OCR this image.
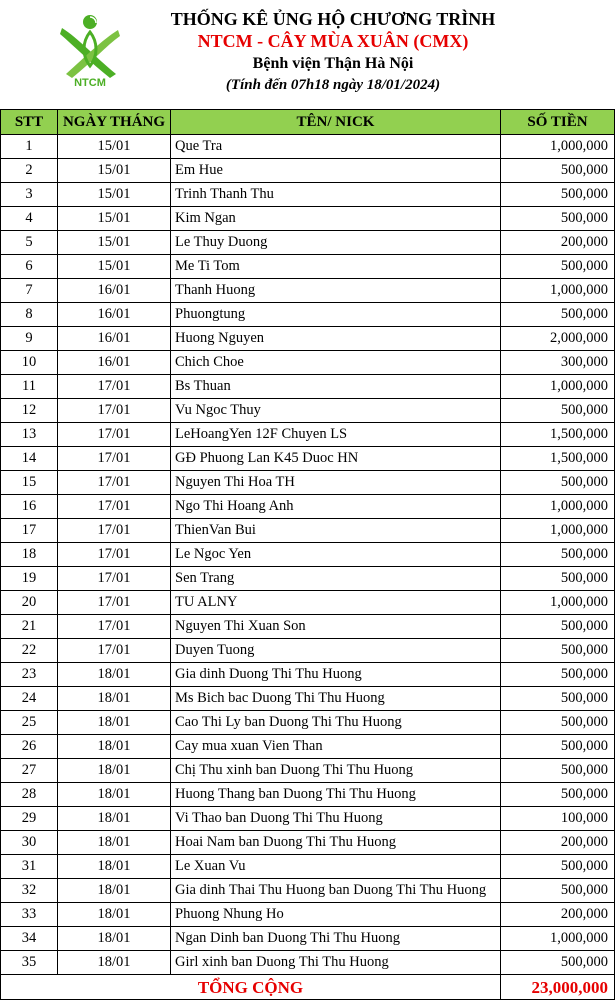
NTCM
THỐNG KÊ ỦNG HỘ CHƯƠNG TRÌNH
NTCM - CÂY MÙA XUÂN (CMX)
Bệnh viện Thận Hà Nội
(Tính đến 07h18 ngày 18/01/2024)
STT	NGÀY THÁNG	TÊN/ NICK	SỐ TIỀN
1	15/01	Que Tra	1,000,000
2	15/01	Em Hue	500,000
3	15/01	Trinh Thanh Thu	500,000
4	15/01	Kim Ngan	500,000
5	15/01	Le Thuy Duong	200,000
6	15/01	Me Ti Tom	500,000
7	16/01	Thanh Huong	1,000,000
8	16/01	Phuongtung	500,000
9	16/01	Huong Nguyen	2,000,000
10	16/01	Chich Choe	300,000
11	17/01	Bs Thuan	1,000,000
12	17/01	Vu Ngoc Thuy	500,000
13	17/01	LeHoangYen 12F Chuyen LS	1,500,000
14	17/01	GĐ Phuong Lan K45 Duoc HN	1,500,000
15	17/01	Nguyen Thi Hoa TH	500,000
16	17/01	Ngo Thi Hoang Anh	1,000,000
17	17/01	ThienVan Bui	1,000,000
18	17/01	Le Ngoc Yen	500,000
19	17/01	Sen Trang	500,000
20	17/01	TU ALNY	1,000,000
21	17/01	Nguyen Thi Xuan Son	500,000
22	17/01	Duyen Tuong	500,000
23	18/01	Gia dinh Duong Thi Thu Huong	500,000
24	18/01	Ms Bich bac Duong Thi Thu Huong	500,000
25	18/01	Cao Thi Ly ban Duong Thi Thu Huong	500,000
26	18/01	Cay mua xuan Vien Than	500,000
27	18/01	Chị Thu xinh ban Duong Thi Thu Huong	500,000
28	18/01	Huong Thang ban Duong Thi Thu Huong	500,000
29	18/01	Vi Thao ban Duong Thi Thu Huong	100,000
30	18/01	Hoai Nam ban Duong Thi Thu Huong	200,000
31	18/01	Le Xuan Vu	500,000
32	18/01	Gia dinh Thai Thu Huong ban Duong Thi Thu Huong	500,000
33	18/01	Phuong Nhung Ho	200,000
34	18/01	Ngan Dinh ban Duong Thi Thu Huong	1,000,000
35	18/01	Girl xinh ban Duong Thi Thu Huong	500,000
TỔNG CỘNG			23,000,000
